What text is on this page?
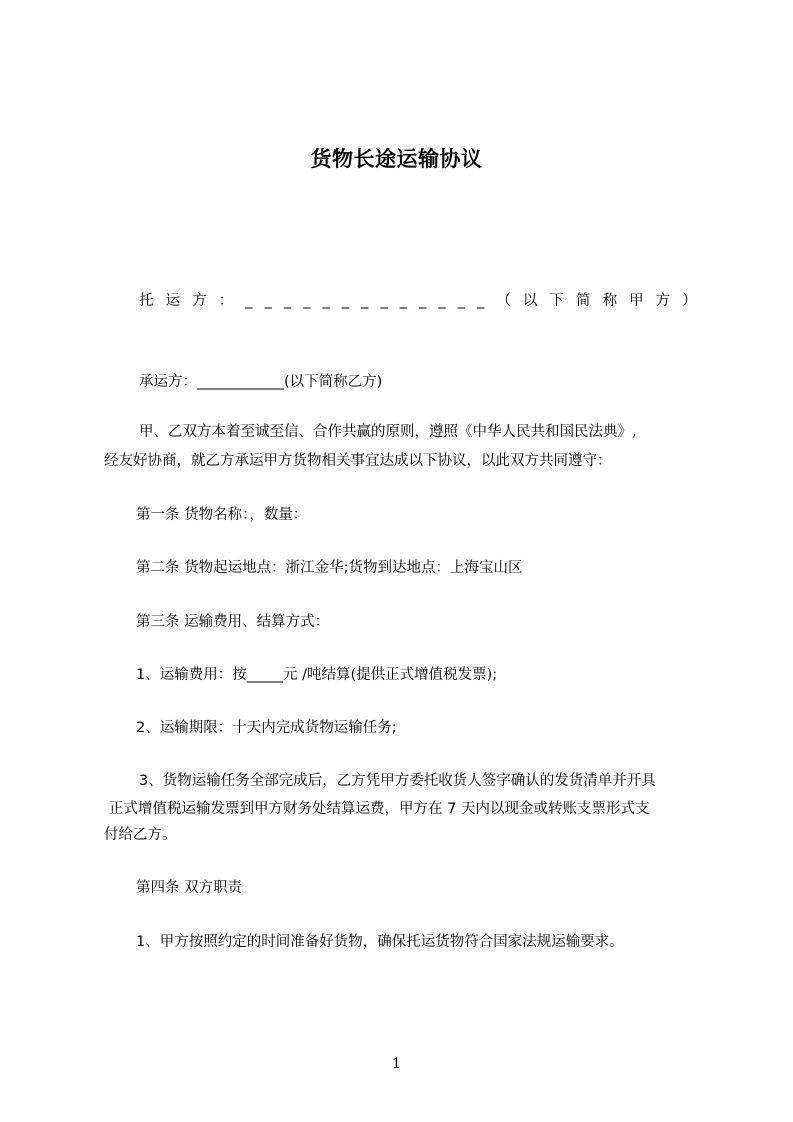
货物长途运输协议
托 运 方 ： _ _ _ _ _ _ _ _ _ _ _ _ _ （ 以 下 简 称 甲 方 ）
承运方：____________(以下简称乙方)
甲、乙双方本着至诚至信、合作共赢的原则，遵照《中华人民共和国民法典》,
经友好协商，就乙方承运甲方货物相关事宜达成以下协议，以此双方共同遵守：
第一条 货物名称：，数量：
第二条 货物起运地点：浙江金华;货物到达地点：上海宝山区
第三条 运输费用、结算方式：
1、运输费用：按_____元 /吨结算(提供正式增值税发票);
2、运输期限：十天内完成货物运输任务;
3、货物运输任务全部完成后，乙方凭甲方委托收货人签字确认的发货清单并开具
正式增值税运输发票到甲方财务处结算运费，甲方在 7 天内以现金或转账支票形式支
付给乙方。
第四条 双方职责
1、甲方按照约定的时间准备好货物，确保托运货物符合国家法规运输要求。
1
